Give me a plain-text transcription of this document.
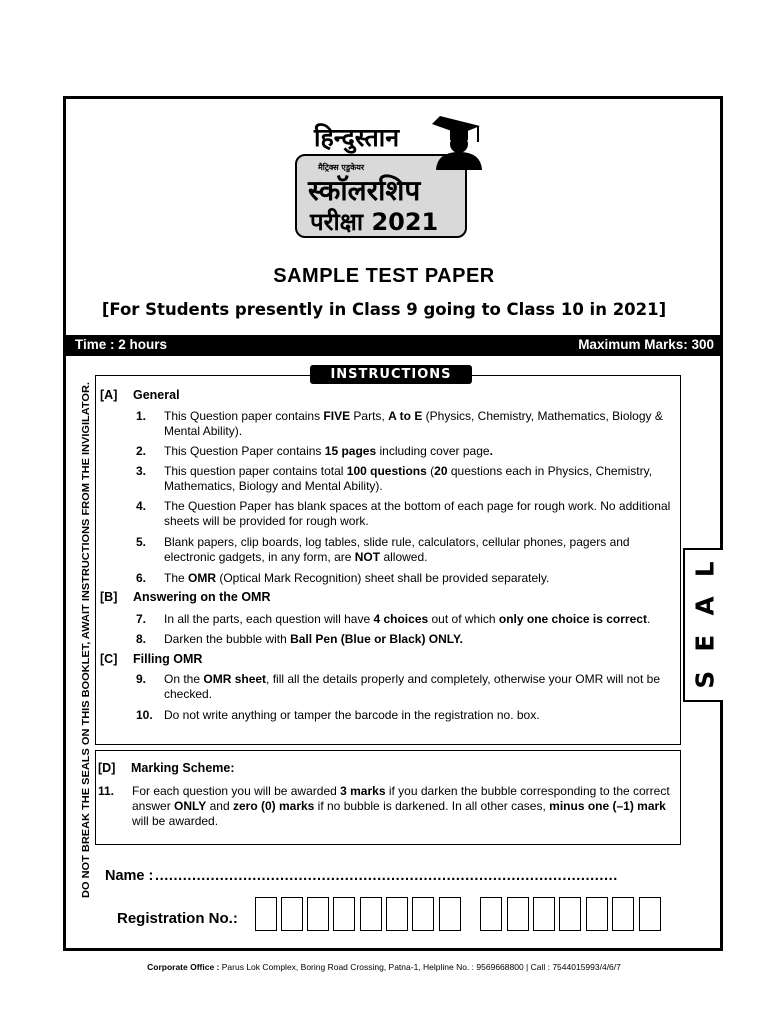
हिन्दुस्तान
मैट्रिक्स एडुकेयर
स्कॉलरशिप
परीक्षा 2021
SAMPLE TEST PAPER
[For Students presently in Class 9 going to Class 10 in 2021]
Time : 2 hours	Maximum Marks: 300
INSTRUCTIONS
[A] General
[B] Answering on the OMR
[C] Filling OMR
1. This Question paper contains FIVE Parts, A to E (Physics, Chemistry, Mathematics, Biology & Mental Ability).
2. This Question Paper contains 15 pages including cover page.
3. This question paper contains total 100 questions (20 questions each in Physics, Chemistry, Mathematics, Biology and Mental Ability).
4. The Question Paper has blank spaces at the bottom of each page for rough work. No additional sheets will be provided for rough work.
5. Blank papers, clip boards, log tables, slide rule, calculators, cellular phones, pagers and electronic gadgets, in any form, are NOT allowed.
6. The OMR (Optical Mark Recognition) sheet shall be provided separately.
7. In all the parts, each question will have 4 choices out of which only one choice is correct.
8. Darken the bubble with Ball Pen (Blue or Black) ONLY.
9. On the OMR sheet, fill all the details properly and completely, otherwise your OMR will not be checked.
10. Do not write anything or tamper the barcode in the registration no. box.
[D] Marking Scheme:
11. For each question you will be awarded 3 marks if you darken the bubble corresponding to the correct answer ONLY and zero (0) marks if no bubble is darkened. In all other cases, minus one (–1) mark will be awarded.
DO NOT BREAK THE SEALS ON THIS BOOKLET, AWAIT INSTRUCTIONS FROM THE INVIGILATOR.	S E A L
Name : ....................................................................................................
Registration No.:
Corporate Office : Parus Lok Complex, Boring Road Crossing, Patna-1, Helpline No. : 9569668800 | Call : 7544015993/4/6/7
